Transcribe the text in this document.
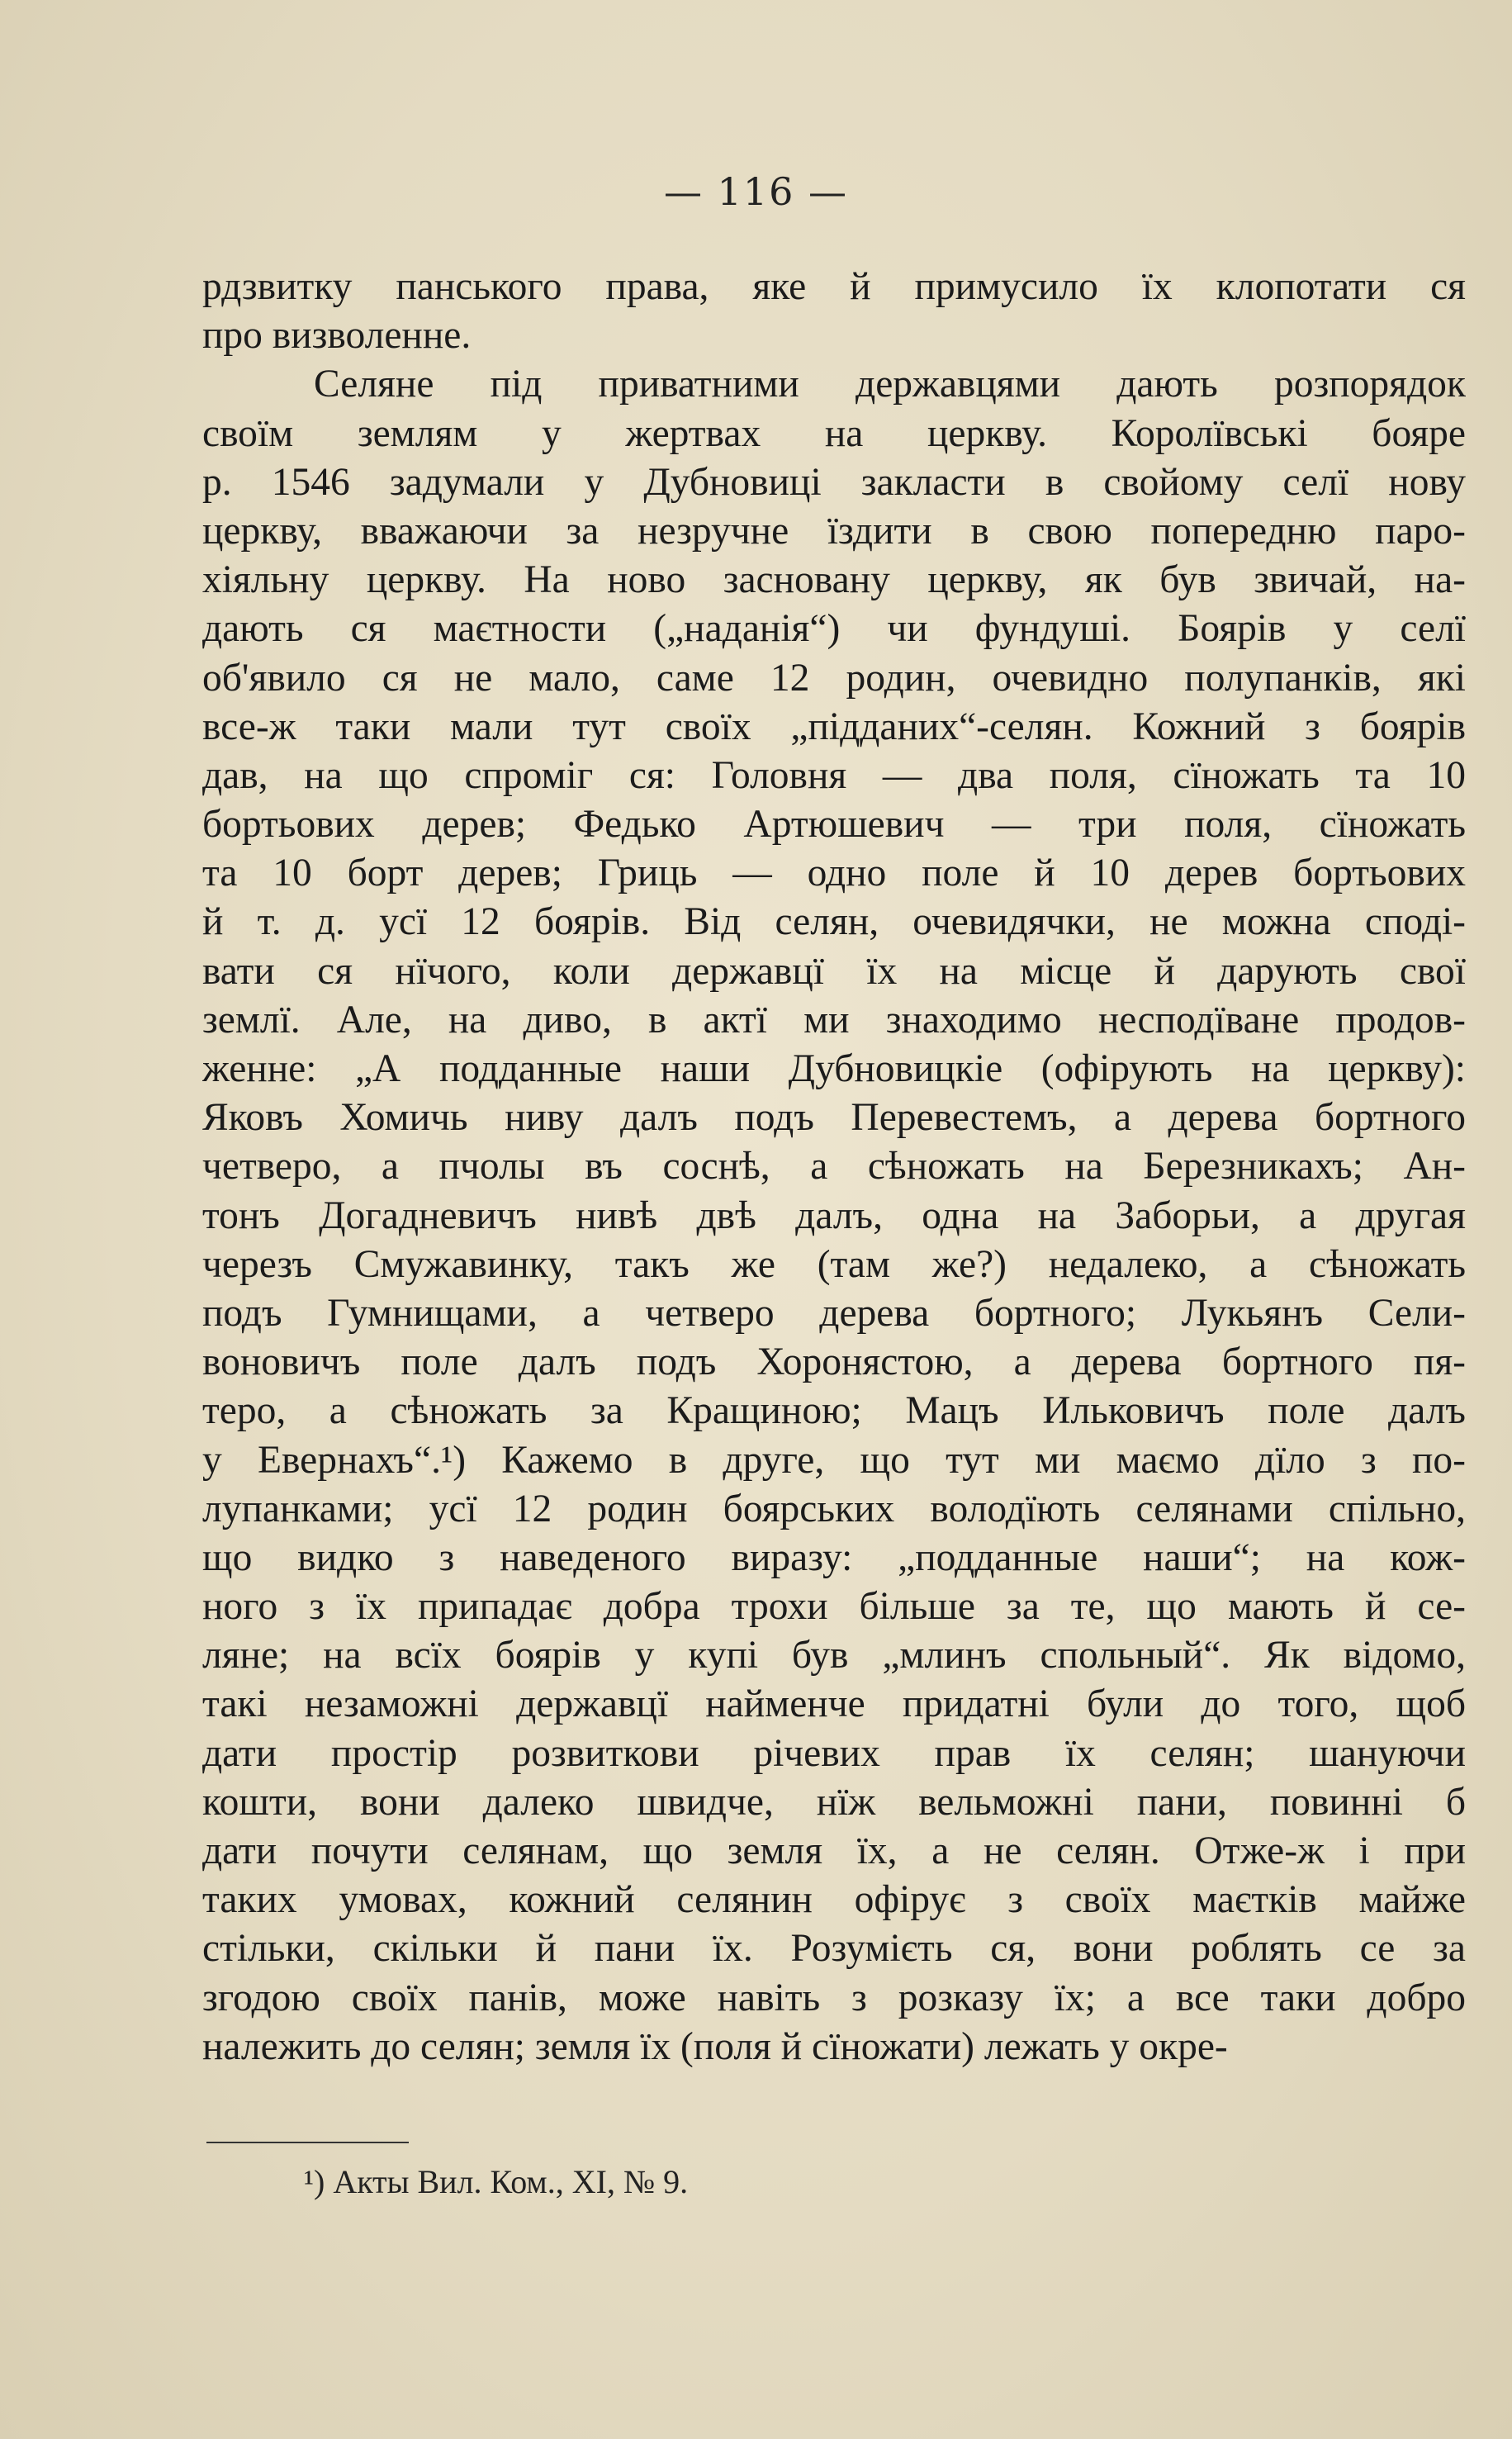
— 116 —
рдзвитку панського права, яке й примусило їх клопотати ся
про визволенне.
Селяне під приватними державцями дають розпорядок
своїм землям у жертвах на церкву. Королївські бояре
р. 1546 задумали у Дубновиці закласти в свойому селї нову
церкву, вважаючи за незручне їздити в свою попередню паро-
хіяльну церкву. На ново засновану церкву, як був звичай, на-
дають ся маєтности („наданія“) чи фундуші. Боярів у селї
об'явило ся не мало, саме 12 родин, очевидно полупанків, які
все-ж таки мали тут своїх „підданих“-селян. Кожний з боярів
дав, на що спроміг ся: Головня — два поля, сїножать та 10
бортьових дерев; Федько Артюшевич — три поля, сїножать
та 10 борт дерев; Гриць — одно поле й 10 дерев бортьових
й т. д. усї 12 боярів. Від селян, очевидячки, не можна споді-
вати ся нїчого, коли державцї їх на місце й дарують свої
землї. Але, на диво, в актї ми знаходимо несподїване продов-
женне: „А подданные наши Дубновицкіе (офірують на церкву):
Яковъ Хомичь ниву далъ подъ Перевестемъ, а дерева бортного
четверо, а пчолы въ соснѣ, а сѣножать на Березникахъ; Ан-
тонъ Догадневичъ нивѣ двѣ далъ, одна на Заборьи, а другая
черезъ Смужавинку, такъ же (там же?) недалеко, а сѣножать
подъ Гумнищами, а четверо дерева бортного; Лукьянъ Сели-
воновичъ поле далъ подъ Хоронястою, а дерева бортного пя-
теро, а сѣножать за Кращиною; Мацъ Ильковичъ поле далъ
у Евернахъ“.¹) Кажемо в друге, що тут ми маємо дїло з по-
лупанками; усї 12 родин боярських володїють селянами спільно,
що видко з наведеного виразу: „подданные наши“; на кож-
ного з їх припадає добра трохи більше за те, що мають й се-
ляне; на всїх боярів у купі був „млинъ спольный“. Як відомо,
такі незаможні державцї найменче придатні були до того, щоб
дати простір розвиткови річевих прав їх селян; шануючи
кошти, вони далеко швидче, нїж вельможні пани, повинні б
дати почути селянам, що земля їх, а не селян. Отже-ж і при
таких умовах, кожний селянин офірує з своїх маєтків майже
стільки, скільки й пани їх. Розумієть ся, вони роблять се за
згодою своїх панів, може навіть з розказу їх; а все таки добро
належить до селян; земля їх (поля й сїножати) лежать у окре-
¹) Акты Вил. Ком., XI, № 9.
